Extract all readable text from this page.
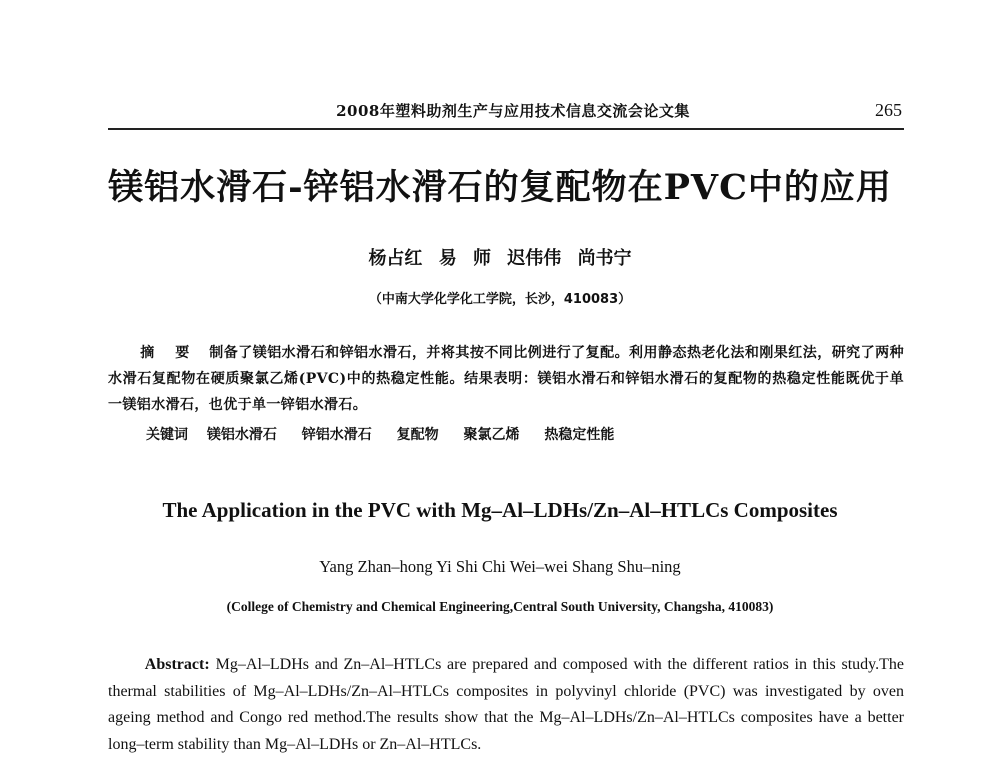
2008年塑料助剂生产与应用技术信息交流会论文集	265
镁铝水滑石-锌铝水滑石的复配物在PVC中的应用
杨占红 易 师 迟伟伟 尚书宁
（中南大学化学化工学院，长沙，410083）
摘 要 制备了镁铝水滑石和锌铝水滑石，并将其按不同比例进行了复配。利用静态热老化法和刚果红法，研究了两种水滑石复配物在硬质聚氯乙烯(PVC)中的热稳定性能。结果表明：镁铝水滑石和锌铝水滑石的复配物的热稳定性能既优于单一镁铝水滑石，也优于单一锌铝水滑石。
关键词 镁铝水滑石 锌铝水滑石 复配物 聚氯乙烯 热稳定性能
The Application in the PVC with Mg–Al–LDHs/Zn–Al–HTLCs Composites
Yang Zhan–hong Yi Shi Chi Wei–wei Shang Shu–ning
(College of Chemistry and Chemical Engineering,Central South University, Changsha, 410083)
Abstract: Mg–Al–LDHs and Zn–Al–HTLCs are prepared and composed with the different ratios in this study.The thermal stabilities of Mg–Al–LDHs/Zn–Al–HTLCs composites in polyvinyl chloride (PVC) was investigated by oven ageing method and Congo red method.The results show that the Mg–Al–LDHs/Zn–Al–HTLCs composites have a better long–term stability than Mg–Al–LDHs or Zn–Al–HTLCs.
